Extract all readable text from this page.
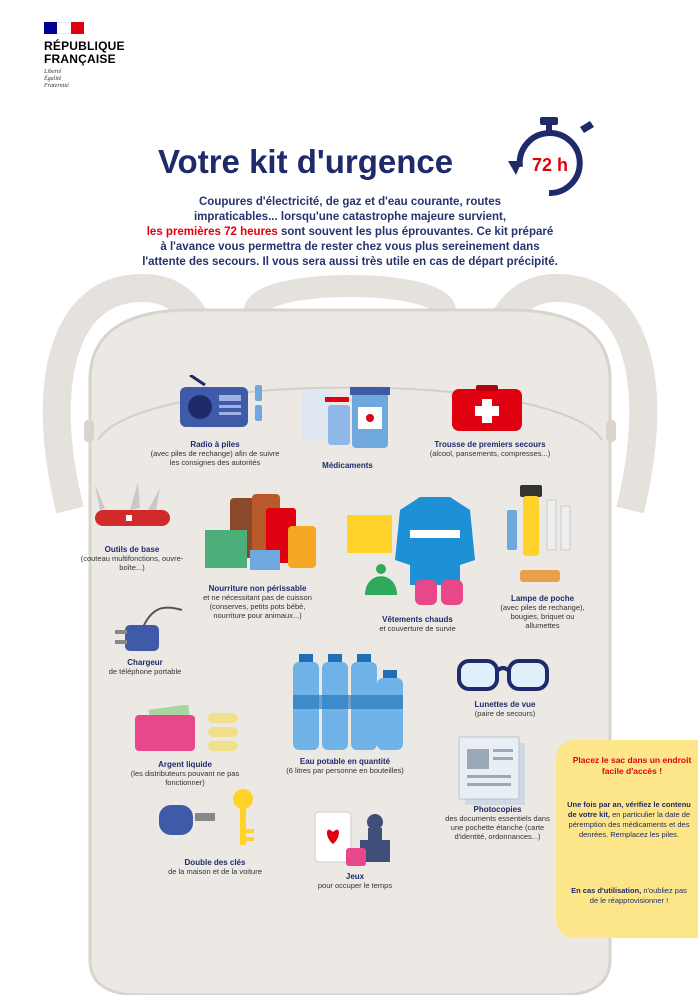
RÉPUBLIQUE
FRANÇAISE
Liberté
Égalité
Fraternité
Votre kit d'urgence	72 h
Coupures d'électricité, de gaz et d'eau courante, routes
impraticables... lorsqu'une catastrophe majeure survient,
les premières 72 heures sont souvent les plus éprouvantes. Ce kit préparé
à l'avance vous permettra de rester chez vous plus sereinement dans
l'attente des secours. Il vous sera aussi très utile en cas de départ précipité.
Radio à piles
(avec piles de rechange) afin de suivre les consignes des autorités	Médicaments
Trousse de premiers secours
(alcool, pansements, compresses...)
Outils de base
(couteau multifonctions, ouvre-boîte...)
Nourriture non périssable
et ne nécessitant pas de cuisson (conserves, petits pots bébé, nourriture pour animaux...)	Vêtements chauds
et couverture de survie
Lampe de poche
(avec piles de rechange), bougies, briquet ou allumettes
Chargeur
de téléphone portable
Eau potable en quantité
(6 litres par personne en bouteilles)
Lunettes de vue
(paire de secours)
Argent liquide
(les distributeurs pouvant ne pas fonctionner)
Photocopies
des documents essentiels dans une pochette étanche (carte d'identité, ordonnances...)
Double des clés
de la maison et de la voiture
Jeux
pour occuper le temps
Placez le sac dans un endroit facile d'accès !
Une fois par an, vérifiez le contenu de votre kit, en particulier la date de péremption des médicaments et des denrées. Remplacez les piles.
En cas d'utilisation, n'oubliez pas de le réapprovisionner !
